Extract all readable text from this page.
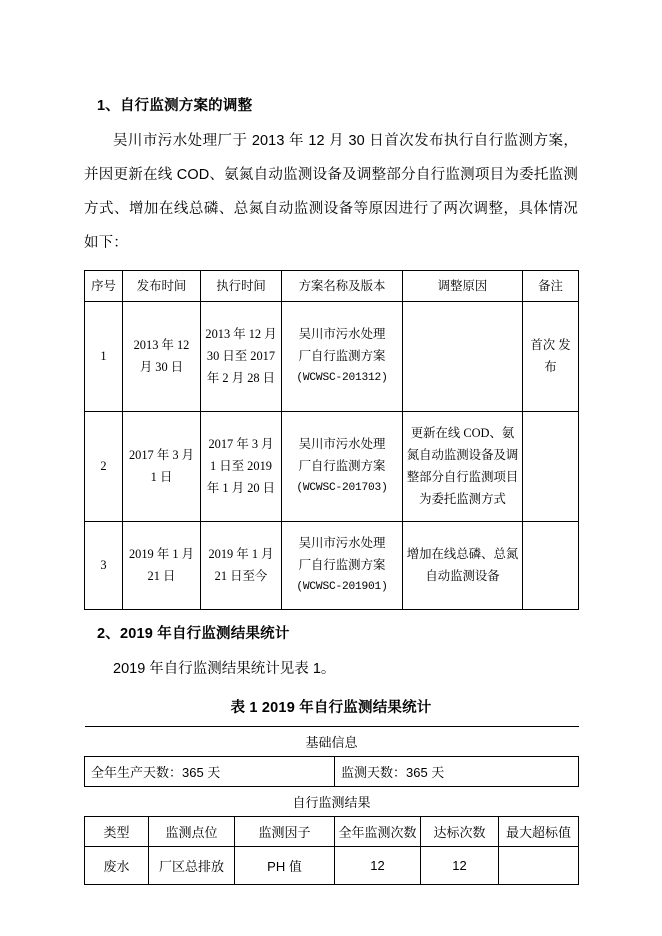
1、自行监测方案的调整

吴川市污水处理厂于 2013 年 12 月 30 日首次发布执行自行监测方案，并因更新在线 COD、氨氮自动监测设备及调整部分自行监测项目为委托监测方式、增加在线总磷、总氮自动监测设备等原因进行了两次调整，具体情况如下：

序号	发布时间	执行时间	方案名称及版本	调整原因	备注
1	2013 年 12 月 30 日	2013 年 12 月 30 日至 2017 年 2 月 28 日	吴川市污水处理
厂自行监测方案
(WCWSC-201312)		首次 发布
2	2017 年 3 月 1 日	2017 年 3 月 1 日至 2019 年 1 月 20 日	吴川市污水处理
厂自行监测方案
(WCWSC-201703)	更新在线 COD、氨氮自动监测设备及调整部分自行监测项目为委托监测方式	
3	2019 年 1 月 21 日	2019 年 1 月 21 日至今	吴川市污水处理
厂自行监测方案
(WCWSC-201901)	增加在线总磷、总氮自动监测设备	
2、2019 年自行监测结果统计

2019 年自行监测结果统计见表 1。

表 1 2019 年自行监测结果统计
基础信息					
全年生产天数：365 天			监测天数：365 天		
自行监测结果					
类型	监测点位	监测因子	全年监测次数	达标次数	最大超标值
废水	厂区总排放	PH 值	12	12	
